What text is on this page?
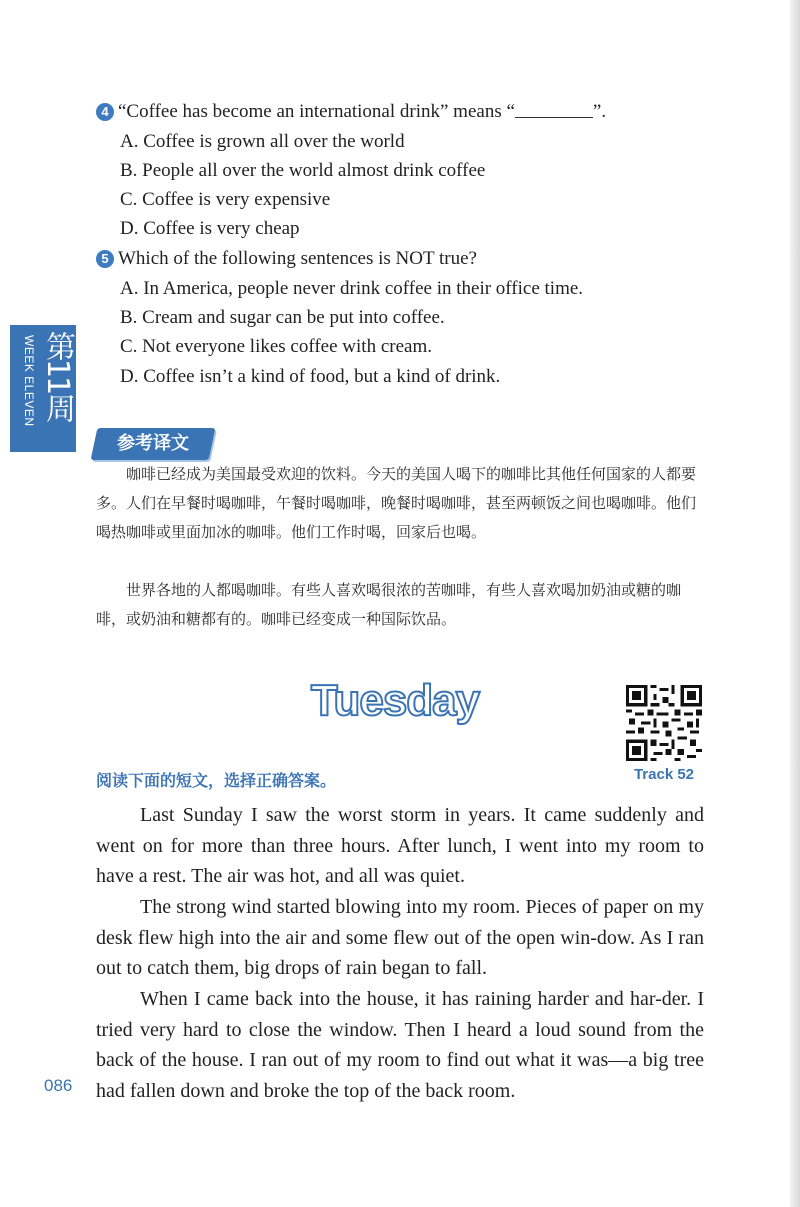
4 “Coffee has become an international drink” means “	”.
A. Coffee is grown all over the world
B. People all over the world almost drink coffee
C. Coffee is very expensive
D. Coffee is very cheap
5 Which of the following sentences is NOT true?
A. In America, people never drink coffee in their office time.
B. Cream and sugar can be put into coffee.
C. Not everyone likes coffee with cream.
D. Coffee isn’t a kind of food, but a kind of drink.
WEEK ELEVEN 第11周
参考译文

咖啡已经成为美国最受欢迎的饮料。今天的美国人喝下的咖啡比其他任何国家的人都要多。人们在早餐时喝咖啡，午餐时喝咖啡，晚餐时喝咖啡，甚至两顿饭之间也喝咖啡。他们喝热咖啡或里面加冰的咖啡。他们工作时喝，回家后也喝。

世界各地的人都喝咖啡。有些人喜欢喝很浓的苦咖啡，有些人喜欢喝加奶油或糖的咖啡，或奶油和糖都有的。咖啡已经变成一种国际饮品。

Tuesday
Track 52
阅读下面的短文，选择正确答案。

Last Sunday I saw the worst storm in years. It came suddenly and went on for more than three hours. After lunch, I went into my room to have a rest. The air was hot, and all was quiet.

The strong wind started blowing into my room. Pieces of paper on my desk flew high into the air and some flew out of the open win-dow. As I ran out to catch them, big drops of rain began to fall.

When I came back into the house, it has raining harder and har-der. I tried very hard to close the window. Then I heard a loud sound from the back of the house. I ran out of my room to find out what it was—a big tree had fallen down and broke the top of the back room.

086
